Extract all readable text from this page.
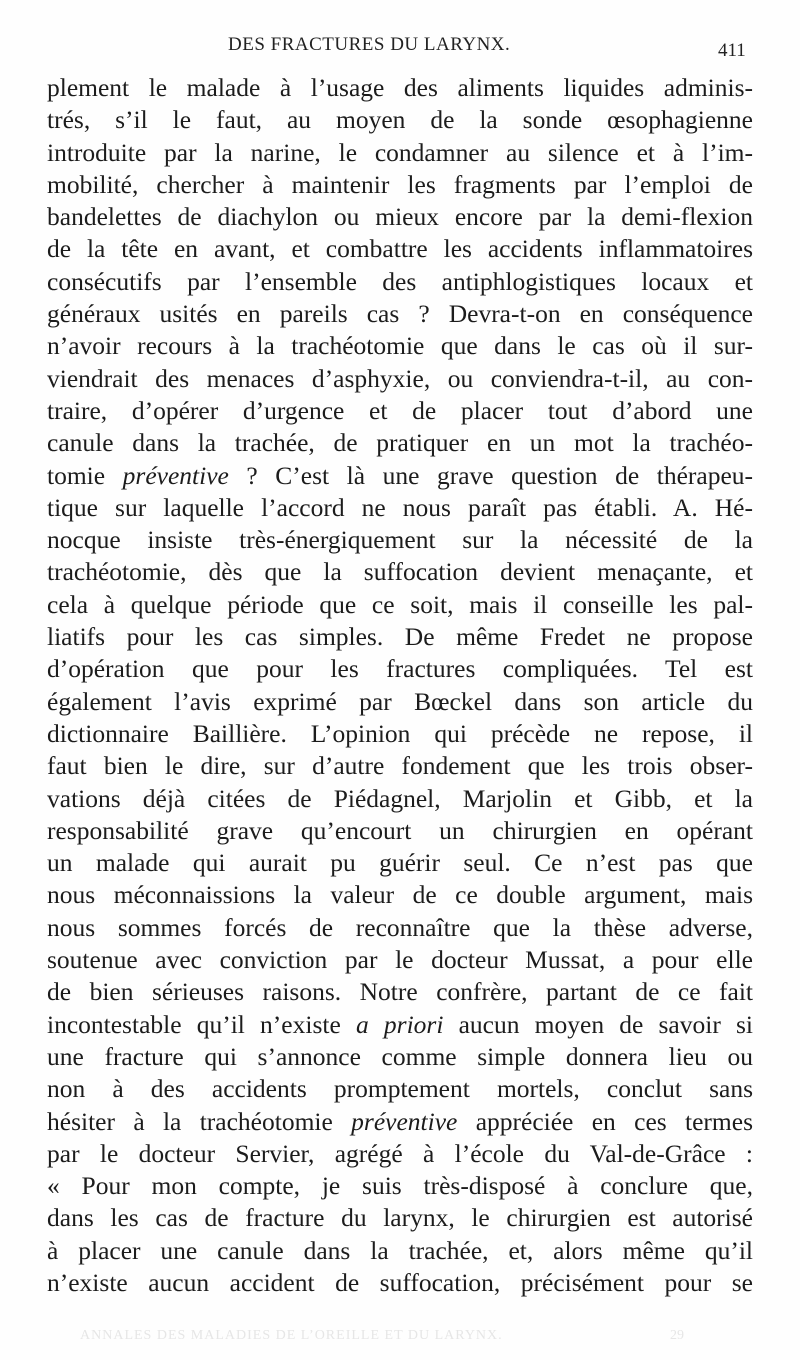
DES FRACTURES DU LARYNX.	411
plement le malade à l’usage des aliments liquides adminis-
trés, s’il le faut, au moyen de la sonde œsophagienne
introduite par la narine, le condamner au silence et à l’im-
mobilité, chercher à maintenir les fragments par l’emploi de
bandelettes de diachylon ou mieux encore par la demi-flexion
de la tête en avant, et combattre les accidents inflammatoires
consécutifs par l’ensemble des antiphlogistiques locaux et
généraux usités en pareils cas ? Devra-t-on en conséquence
n’avoir recours à la trachéotomie que dans le cas où il sur-
viendrait des menaces d’asphyxie, ou conviendra-t-il, au con-
traire, d’opérer d’urgence et de placer tout d’abord une
canule dans la trachée, de pratiquer en un mot la trachéo-
tomie préventive ? C’est là une grave question de thérapeu-
tique sur laquelle l’accord ne nous paraît pas établi. A. Hé-
nocque insiste très-énergiquement sur la nécessité de la
trachéotomie, dès que la suffocation devient menaçante, et
cela à quelque période que ce soit, mais il conseille les pal-
liatifs pour les cas simples. De même Fredet ne propose
d’opération que pour les fractures compliquées. Tel est
également l’avis exprimé par Bœckel dans son article du
dictionnaire Baillière. L’opinion qui précède ne repose, il
faut bien le dire, sur d’autre fondement que les trois obser-
vations déjà citées de Piédagnel, Marjolin et Gibb, et la
responsabilité grave qu’encourt un chirurgien en opérant
un malade qui aurait pu guérir seul. Ce n’est pas que
nous méconnaissions la valeur de ce double argument, mais
nous sommes forcés de reconnaître que la thèse adverse,
soutenue avec conviction par le docteur Mussat, a pour elle
de bien sérieuses raisons. Notre confrère, partant de ce fait
incontestable qu’il n’existe a priori aucun moyen de savoir si
une fracture qui s’annonce comme simple donnera lieu ou
non à des accidents promptement mortels, conclut sans
hésiter à la trachéotomie préventive appréciée en ces termes
par le docteur Servier, agrégé à l’école du Val-de-Grâce :
« Pour mon compte, je suis très-disposé à conclure que,
dans les cas de fracture du larynx, le chirurgien est autorisé
à placer une canule dans la trachée, et, alors même qu’il
n’existe aucun accident de suffocation, précisément pour se
ANNALES DES MALADIES DE L’OREILLE ET DU LARYNX.	29
